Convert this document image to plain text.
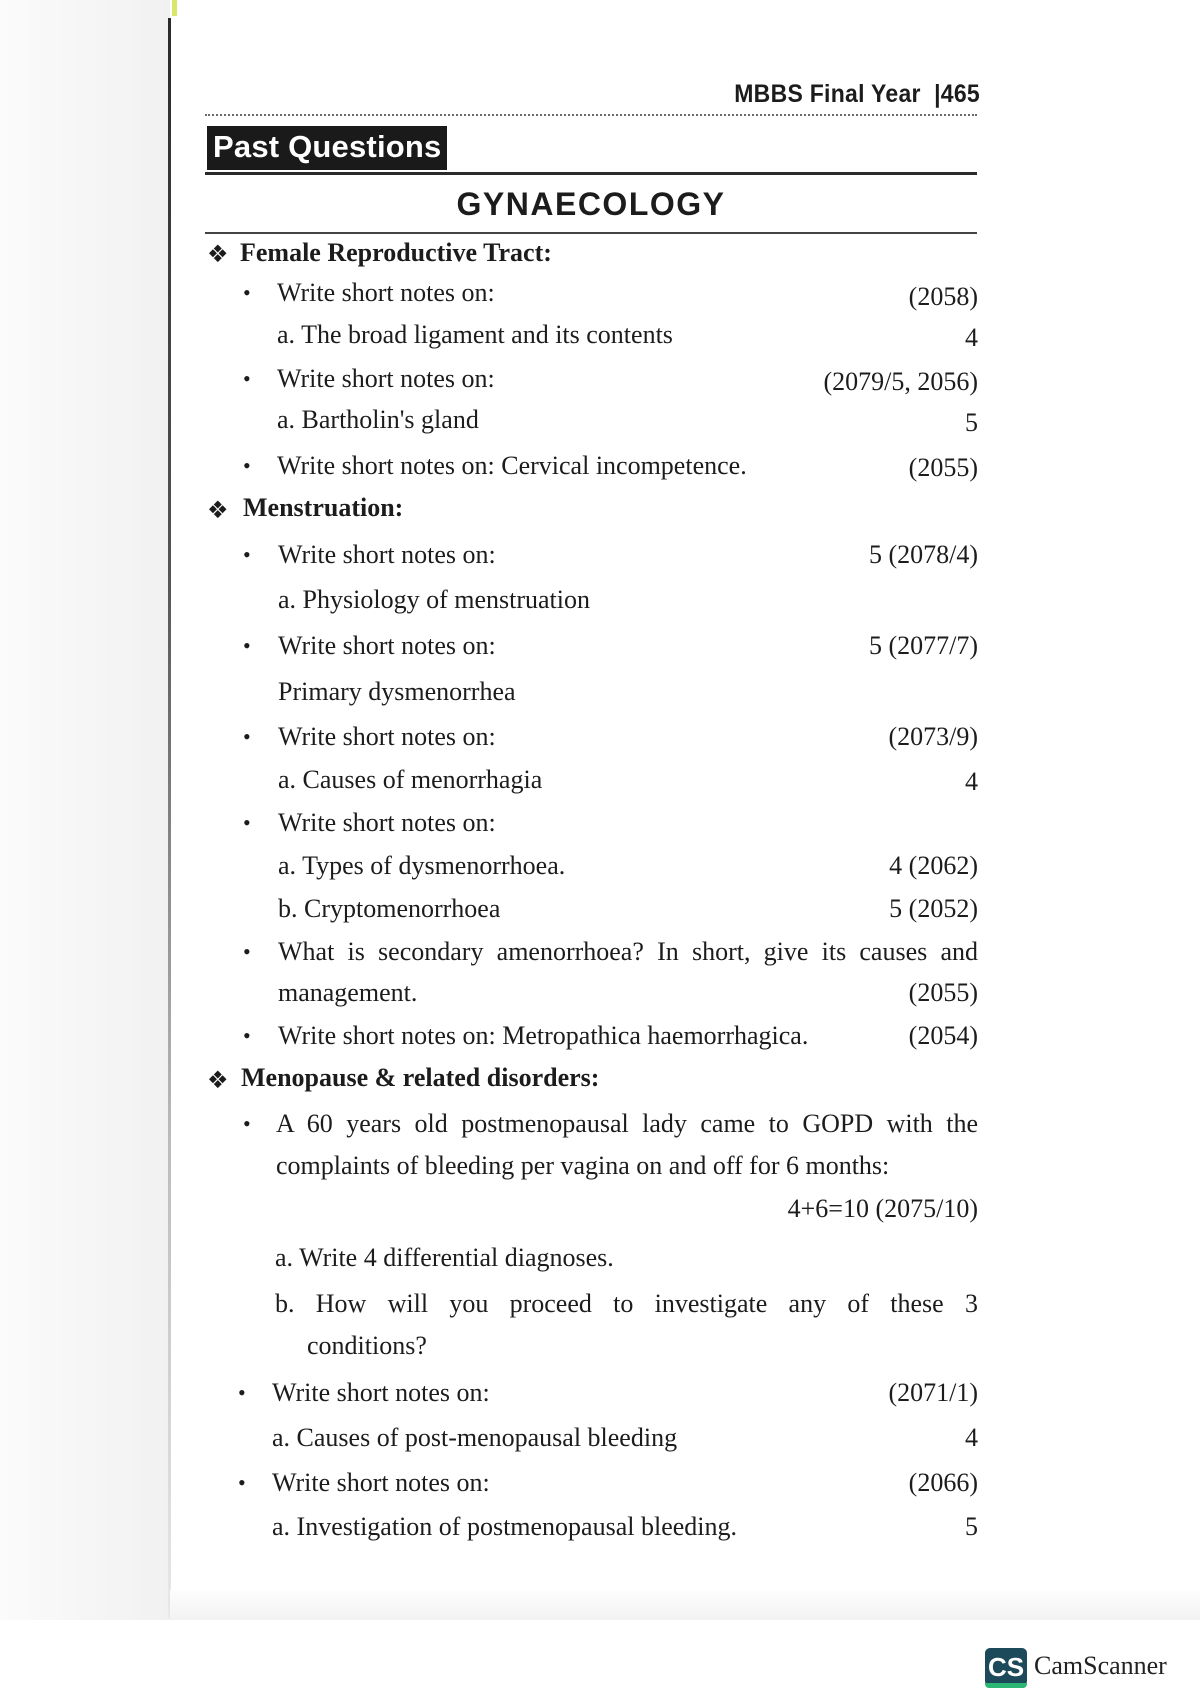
MBBS Final Year |465
Past Questions
GYNAECOLOGY
❖ Female Reproductive Tract:
• Write short notes on:	(2058)
a. The broad ligament and its contents	4
• Write short notes on:	(2079/5, 2056)
a. Bartholin's gland	5
• Write short notes on: Cervical incompetence.	(2055)
❖ Menstruation:
• Write short notes on:	5 (2078/4)
a. Physiology of menstruation
• Write short notes on:	5 (2077/7)
Primary dysmenorrhea
• Write short notes on:	(2073/9)
a. Causes of menorrhagia	4
• Write short notes on:
a. Types of dysmenorrhoea.	4 (2062)
b. Cryptomenorrhoea	5 (2052)
• What is secondary amenorrhoea? In short, give its causes and
management.	(2055)
• Write short notes on: Metropathica haemorrhagica.	(2054)
❖ Menopause & related disorders:
• A 60 years old postmenopausal lady came to GOPD with the
complaints of bleeding per vagina on and off for 6 months:
4+6=10 (2075/10)
a. Write 4 differential diagnoses.
b. How will you proceed to investigate any of these 3
conditions?
• Write short notes on:	(2071/1)
a. Causes of post-menopausal bleeding	4
• Write short notes on:	(2066)
a. Investigation of postmenopausal bleeding.	5
CS CamScanner
